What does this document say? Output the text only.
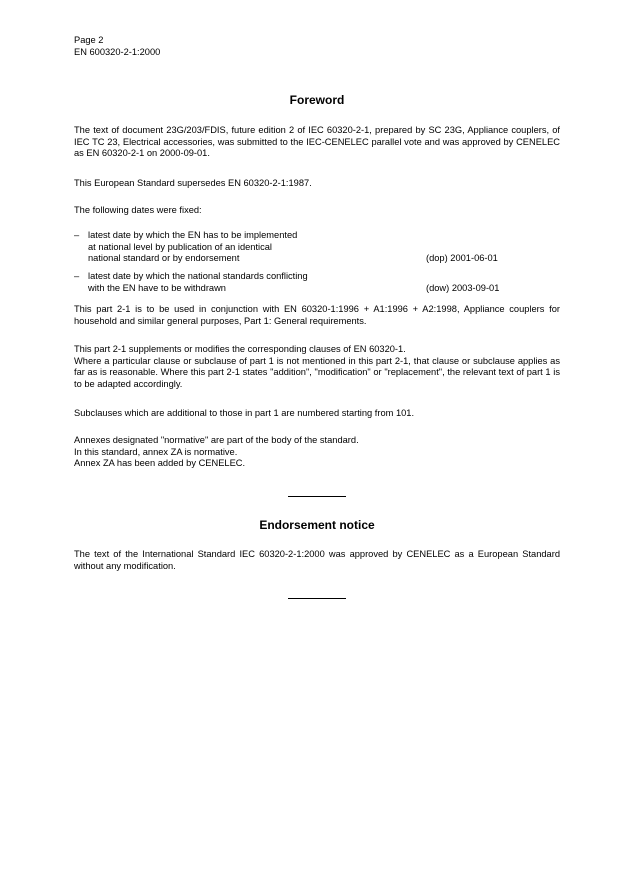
Page 2
EN 600320-2-1:2000
Foreword
The text of document 23G/203/FDIS, future edition 2 of IEC 60320-2-1, prepared by SC 23G, Appliance couplers, of IEC TC 23, Electrical accessories, was submitted to the IEC-CENELEC parallel vote and was approved by CENELEC as EN 60320-2-1 on 2000-09-01.
This European Standard supersedes EN 60320-2-1:1987.
The following dates were fixed:
– latest date by which the EN has to be implemented
at national level by publication of an identical
national standard or by endorsement	(dop) 2001-06-01
– latest date by which the national standards conflicting
with the EN have to be withdrawn	(dow) 2003-09-01
This part 2-1 is to be used in conjunction with EN 60320-1:1996 + A1:1996 + A2:1998, Appliance couplers for household and similar general purposes, Part 1: General requirements.
This part 2-1 supplements or modifies the corresponding clauses of EN 60320-1.
Where a particular clause or subclause of part 1 is not mentioned in this part 2-1, that clause or subclause applies as far as is reasonable. Where this part 2-1 states "addition", "modification" or "replacement", the relevant text of part 1 is to be adapted accordingly.
Subclauses which are additional to those in part 1 are numbered starting from 101.
Annexes designated "normative" are part of the body of the standard.
In this standard, annex ZA is normative.
Annex ZA has been added by CENELEC.
Endorsement notice
The text of the International Standard IEC 60320-2-1:2000 was approved by CENELEC as a European Standard without any modification.
